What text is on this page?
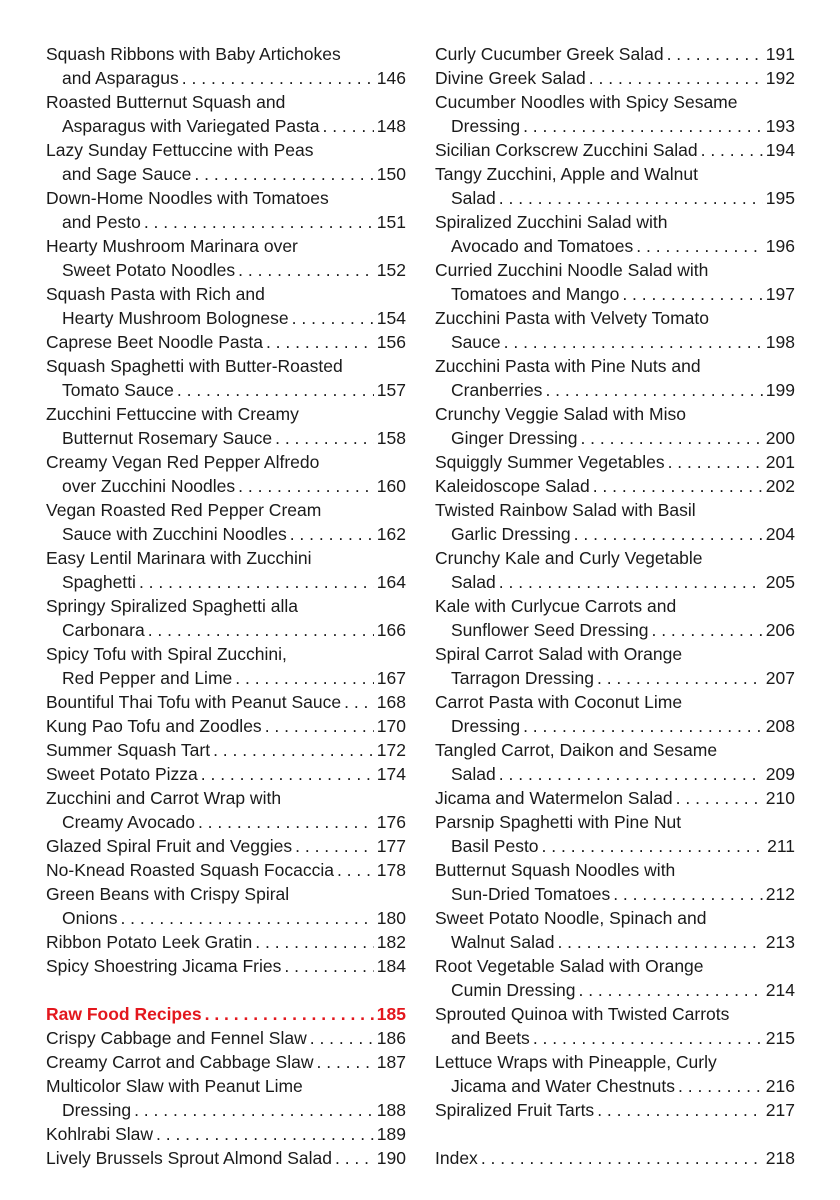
Squash Ribbons with Baby Artichokes
and Asparagus . . .	146
Roasted Butternut Squash and
Asparagus with Variegated Pasta . . .	148
Lazy Sunday Fettuccine with Peas
and Sage Sauce . . .	150
Down-Home Noodles with Tomatoes
and Pesto . . .	151
Hearty Mushroom Marinara over
Sweet Potato Noodles . . .	152
Squash Pasta with Rich and
Hearty Mushroom Bolognese . . .	154
Caprese Beet Noodle Pasta . . .	156
Squash Spaghetti with Butter-Roasted
Tomato Sauce . . .	157
Zucchini Fettuccine with Creamy
Butternut Rosemary Sauce . . .	158
Creamy Vegan Red Pepper Alfredo
over Zucchini Noodles . . .	160
Vegan Roasted Red Pepper Cream
Sauce with Zucchini Noodles . . .	162
Easy Lentil Marinara with Zucchini
Spaghetti . . .	164
Springy Spiralized Spaghetti alla
Carbonara . . .	166
Spicy Tofu with Spiral Zucchini,
Red Pepper and Lime . . .	167
Bountiful Thai Tofu with Peanut Sauce . . . 168
Kung Pao Tofu and Zoodles . . .	170
Summer Squash Tart . . .	172
Sweet Potato Pizza . . .	174
Zucchini and Carrot Wrap with
Creamy Avocado . . .	176
Glazed Spiral Fruit and Veggies . . .	177
No-Knead Roasted Squash Focaccia . . . 178
Green Beans with Crispy Spiral
Onions . . .	180
Ribbon Potato Leek Gratin . . .	182
Spicy Shoestring Jicama Fries . . .	184
Raw Food Recipes . .	185
Crispy Cabbage and Fennel Slaw . . .	186
Creamy Carrot and Cabbage Slaw . . .	187
Multicolor Slaw with Peanut Lime
Dressing . . .	188
Kohlrabi Slaw . . .	189
Lively Brussels Sprout Almond Salad . . .	190
Curly Cucumber Greek Salad . . .	191
Divine Greek Salad . . .	192
Cucumber Noodles with Spicy Sesame
Dressing . . .	193
Sicilian Corkscrew Zucchini Salad . . .	194
Tangy Zucchini, Apple and Walnut
Salad . . .	195
Spiralized Zucchini Salad with
Avocado and Tomatoes . . .	196
Curried Zucchini Noodle Salad with
Tomatoes and Mango . . .	197
Zucchini Pasta with Velvety Tomato
Sauce . . .	198
Zucchini Pasta with Pine Nuts and
Cranberries . . .	199
Crunchy Veggie Salad with Miso
Ginger Dressing . . .	200
Squiggly Summer Vegetables . . .	201
Kaleidoscope Salad . . .	202
Twisted Rainbow Salad with Basil
Garlic Dressing . . .	204
Crunchy Kale and Curly Vegetable
Salad . . .	205
Kale with Curlycue Carrots and
Sunflower Seed Dressing . . .	206
Spiral Carrot Salad with Orange
Tarragon Dressing . . .	207
Carrot Pasta with Coconut Lime
Dressing . . .	208
Tangled Carrot, Daikon and Sesame
Salad . . .	209
Jicama and Watermelon Salad . . .	210
Parsnip Spaghetti with Pine Nut
Basil Pesto . . .	211
Butternut Squash Noodles with
Sun-Dried Tomatoes . . .	212
Sweet Potato Noodle, Spinach and
Walnut Salad . . .	213
Root Vegetable Salad with Orange
Cumin Dressing . . .	214
Sprouted Quinoa with Twisted Carrots
and Beets . . .	215
Lettuce Wraps with Pineapple, Curly
Jicama and Water Chestnuts . . .	216
Spiralized Fruit Tarts . . .	217
Index . .	218
